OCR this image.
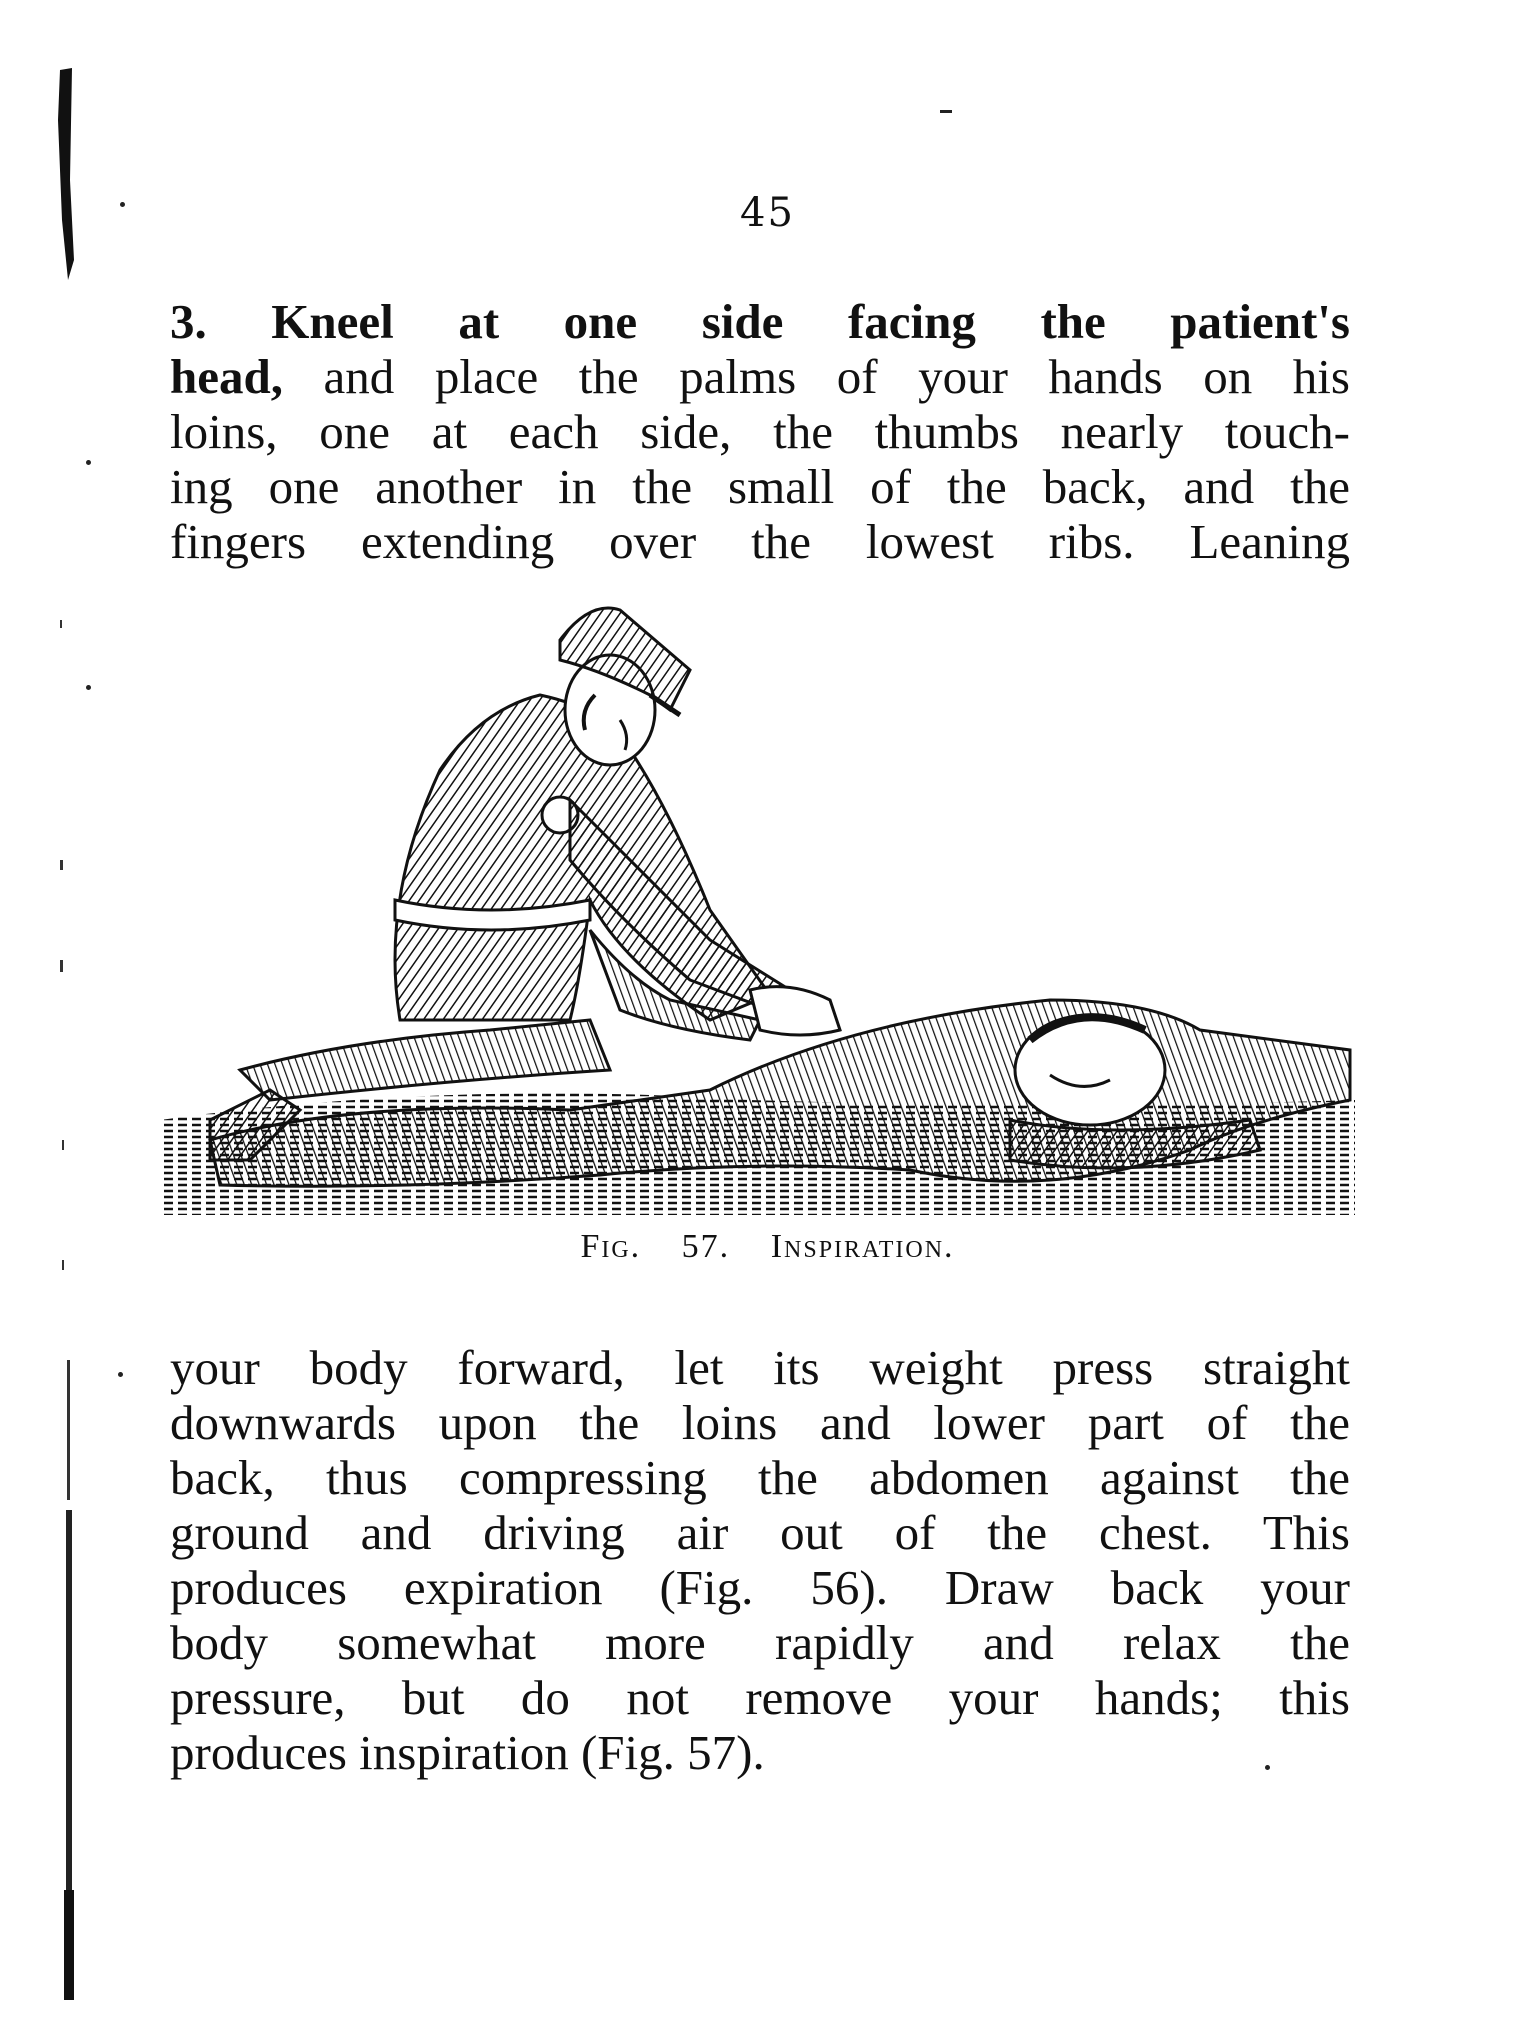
45
3. Kneel at one side facing the patient's
head, and place the palms of your hands on his
loins, one at each side, the thumbs nearly touch-
ing one another in the small of the back, and the
fingers extending over the lowest ribs. Leaning
Fig. 57. Inspiration.
your body forward, let its weight press straight
downwards upon the loins and lower part of the
back, thus compressing the abdomen against the
ground and driving air out of the chest. This
produces expiration (Fig. 56). Draw back your
body somewhat more rapidly and relax the
pressure, but do not remove your hands; this
produces inspiration (Fig. 57).
